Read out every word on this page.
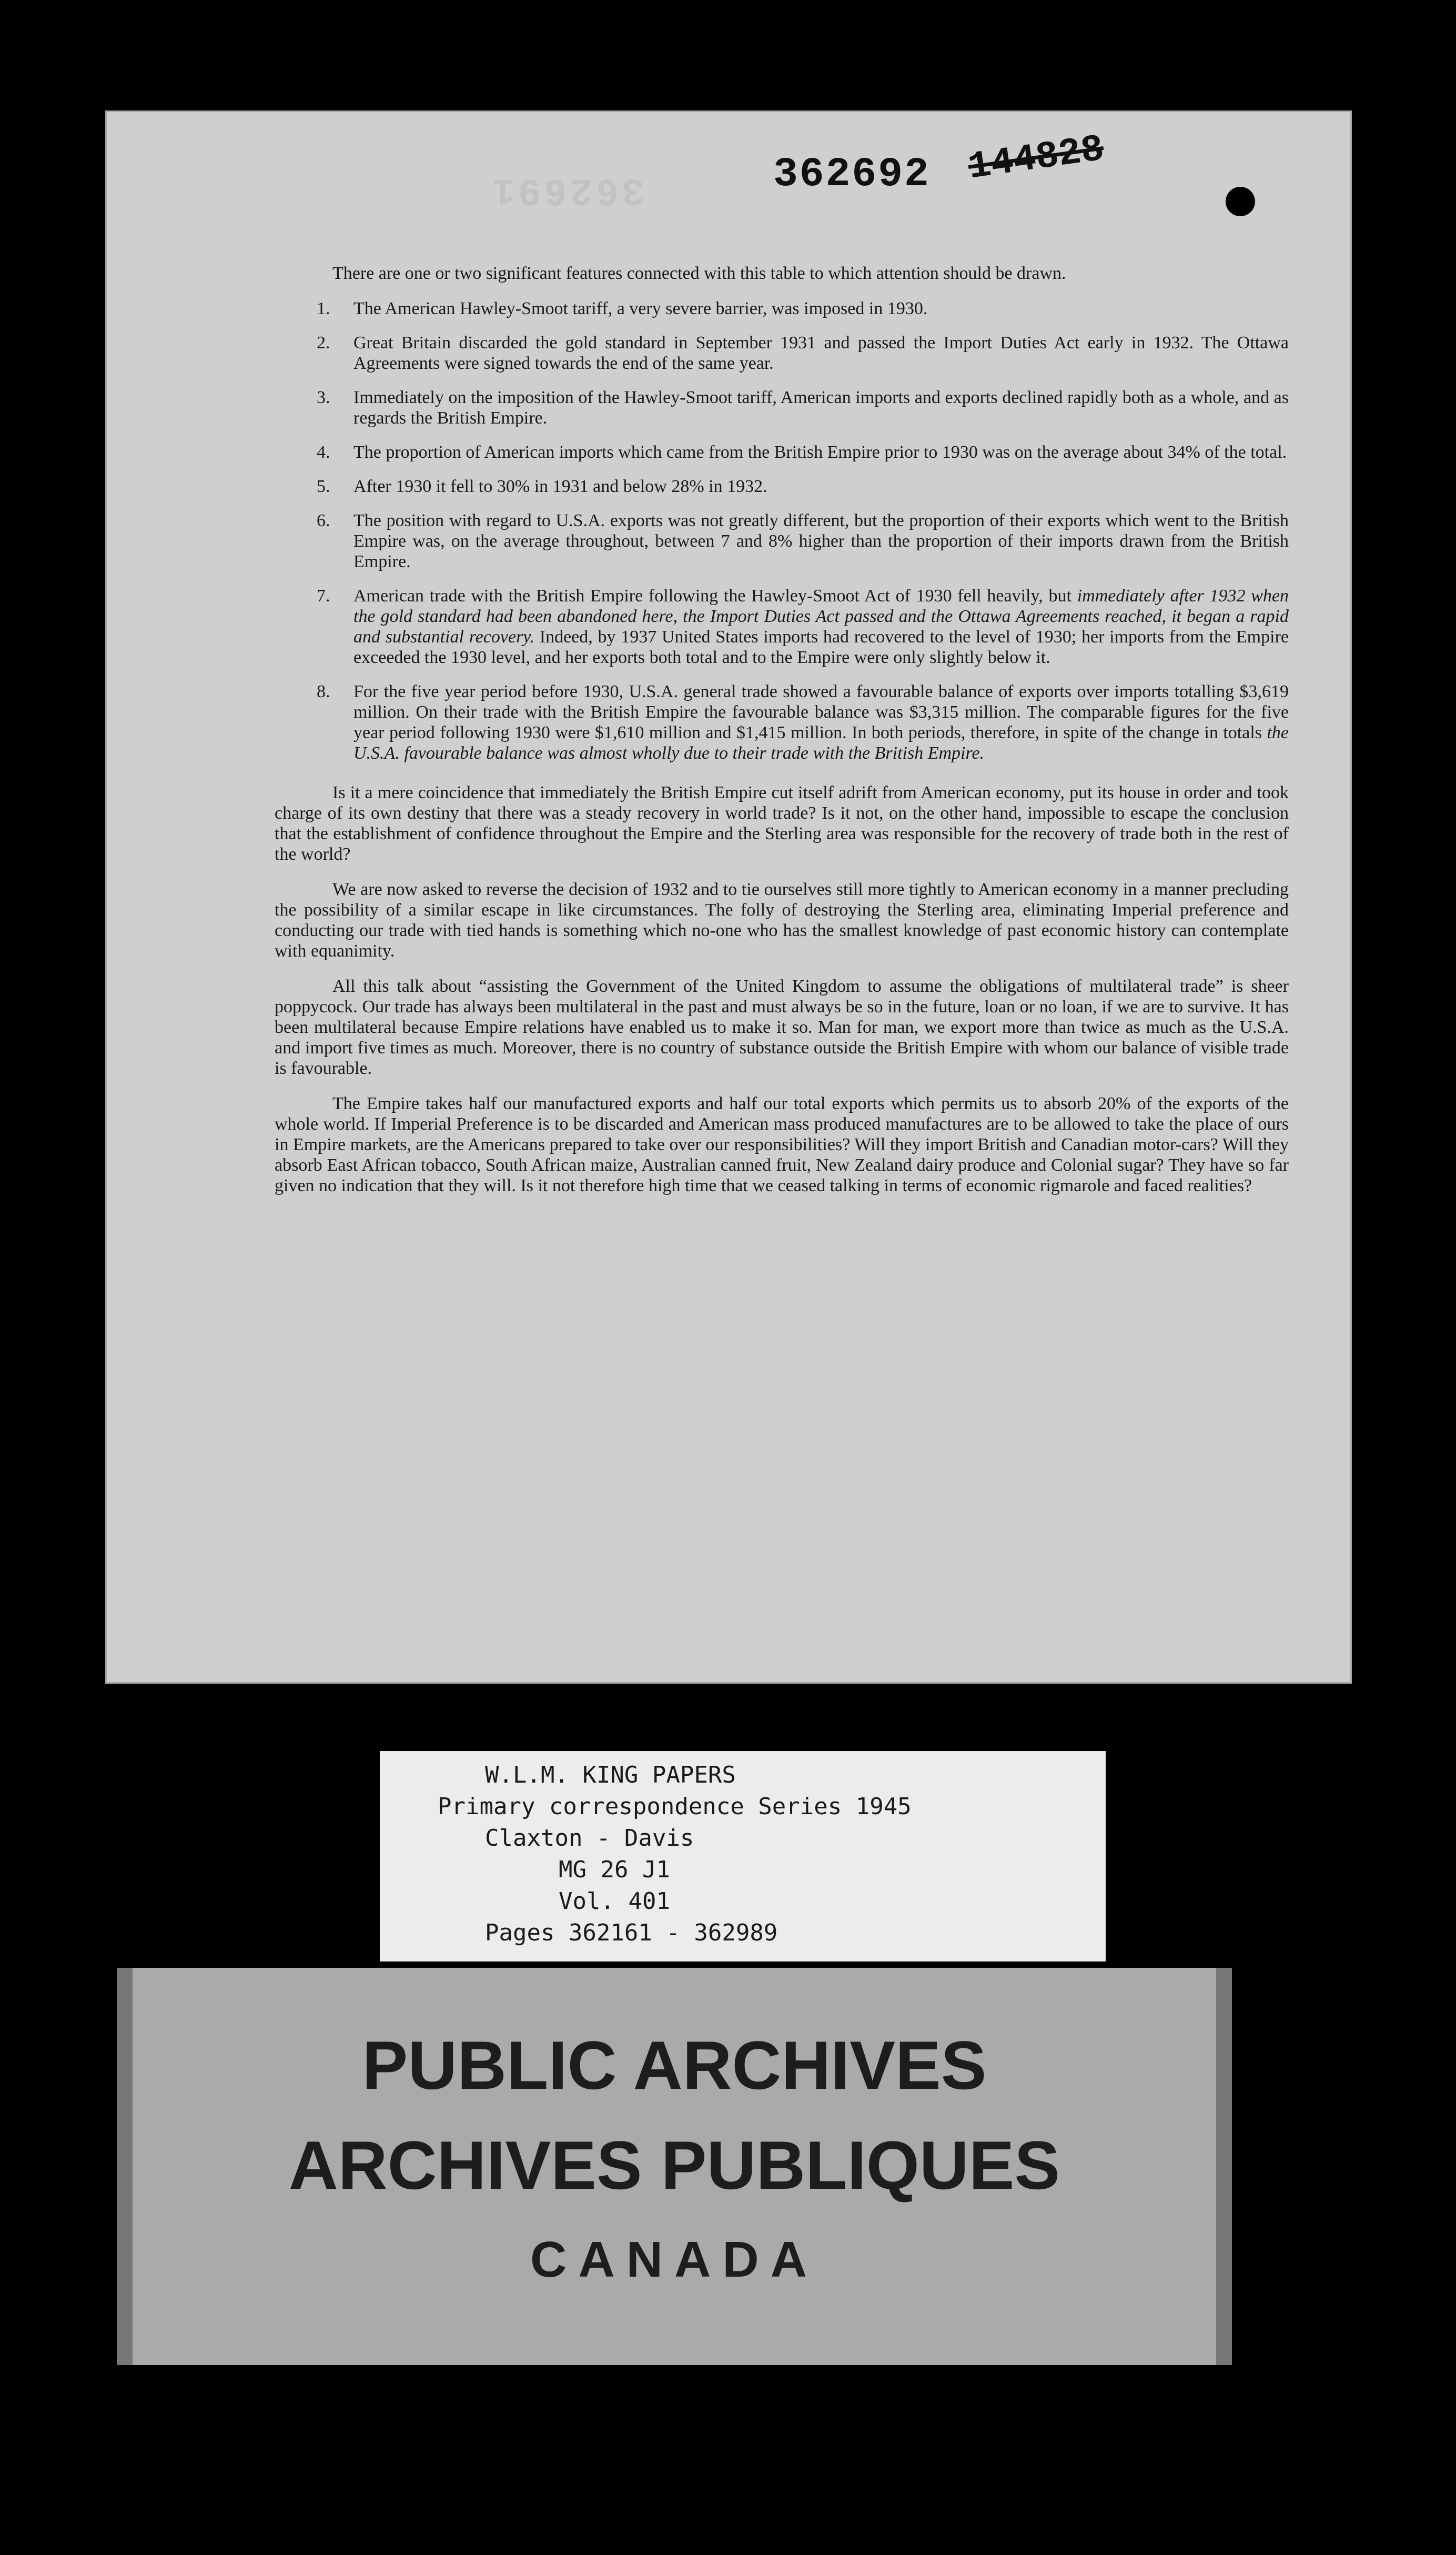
362691	362692 144828

There are one or two significant features connected with this table to which attention should be drawn.

1. The American Hawley-Smoot tariff, a very severe barrier, was imposed in 1930.
2. Great Britain discarded the gold standard in September 1931 and passed the Import Duties Act early in 1932. The Ottawa Agreements were signed towards the end of the same year.
3. Immediately on the imposition of the Hawley-Smoot tariff, American imports and exports declined rapidly both as a whole, and as regards the British Empire.
4. The proportion of American imports which came from the British Empire prior to 1930 was on the average about 34% of the total.
5. After 1930 it fell to 30% in 1931 and below 28% in 1932.
6. The position with regard to U.S.A. exports was not greatly different, but the proportion of their exports which went to the British Empire was, on the average throughout, between 7 and 8% higher than the proportion of their imports drawn from the British Empire.
7. American trade with the British Empire following the Hawley-Smoot Act of 1930 fell heavily, but immediately after 1932 when the gold standard had been abandoned here, the Import Duties Act passed and the Ottawa Agreements reached, it began a rapid and substantial recovery. Indeed, by 1937 United States imports had recovered to the level of 1930; her imports from the Empire exceeded the 1930 level, and her exports both total and to the Empire were only slightly below it.
8. For the five year period before 1930, U.S.A. general trade showed a favourable balance of exports over imports totalling $3,619 million. On their trade with the British Empire the favourable balance was $3,315 million. The comparable figures for the five year period following 1930 were $1,610 million and $1,415 million. In both periods, therefore, in spite of the change in totals the U.S.A. favourable balance was almost wholly due to their trade with the British Empire.

Is it a mere coincidence that immediately the British Empire cut itself adrift from American economy, put its house in order and took charge of its own destiny that there was a steady recovery in world trade? Is it not, on the other hand, impossible to escape the conclusion that the establishment of confidence throughout the Empire and the Sterling area was responsible for the recovery of trade both in the rest of the world?

We are now asked to reverse the decision of 1932 and to tie ourselves still more tightly to American economy in a manner precluding the possibility of a similar escape in like circumstances. The folly of destroying the Sterling area, eliminating Imperial preference and conducting our trade with tied hands is something which no-one who has the smallest knowledge of past economic history can contemplate with equanimity.

All this talk about “assisting the Government of the United Kingdom to assume the obligations of multilateral trade” is sheer poppycock. Our trade has always been multilateral in the past and must always be so in the future, loan or no loan, if we are to survive. It has been multilateral because Empire relations have enabled us to make it so. Man for man, we export more than twice as much as the U.S.A. and import five times as much. Moreover, there is no country of substance outside the British Empire with whom our balance of visible trade is favourable.

The Empire takes half our manufactured exports and half our total exports which permits us to absorb 20% of the exports of the whole world. If Imperial Preference is to be discarded and American mass produced manufactures are to be allowed to take the place of ours in Empire markets, are the Americans prepared to take over our responsibilities? Will they import British and Canadian motor-cars? Will they absorb East African tobacco, South African maize, Australian canned fruit, New Zealand dairy produce and Colonial sugar? They have so far given no indication that they will. Is it not therefore high time that we ceased talking in terms of economic rigmarole and faced realities?

W.L.M. KING PAPERS
Primary correspondence Series 1945
Claxton - Davis
MG 26 J1
Vol. 401
Pages 362161 - 362989
PUBLIC ARCHIVES
ARCHIVES PUBLIQUES
CANADA
